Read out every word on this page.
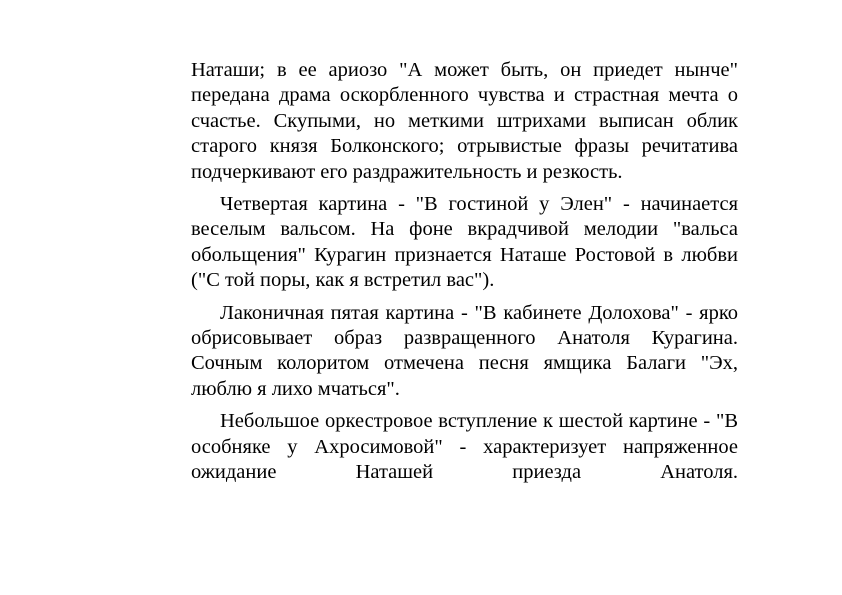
Наташи; в ее ариозо "А может быть, он приедет нынче" передана драма оскорбленного чувства и страстная мечта о счастье. Скупыми, но меткими штрихами выписан облик старого князя Болконского; отрывистые фразы речитатива подчеркивают его раздражительность и резкость.

Четвертая картина - "В гостиной у Элен" - начинается веселым вальсом. На фоне вкрадчивой мелодии "вальса обольщения" Курагин признается Наташе Ростовой в любви ("С той поры, как я встретил вас").

Лаконичная пятая картина - "В кабинете Долохова" - ярко обрисовывает образ развращенного Анатоля Курагина. Сочным колоритом отмечена песня ямщика Балаги "Эх, люблю я лихо мчаться".

Небольшое оркестровое вступление к шестой картине - "В особняке у Ахросимовой" - характеризует напряженное ожидание Наташей приезда Анатоля.
